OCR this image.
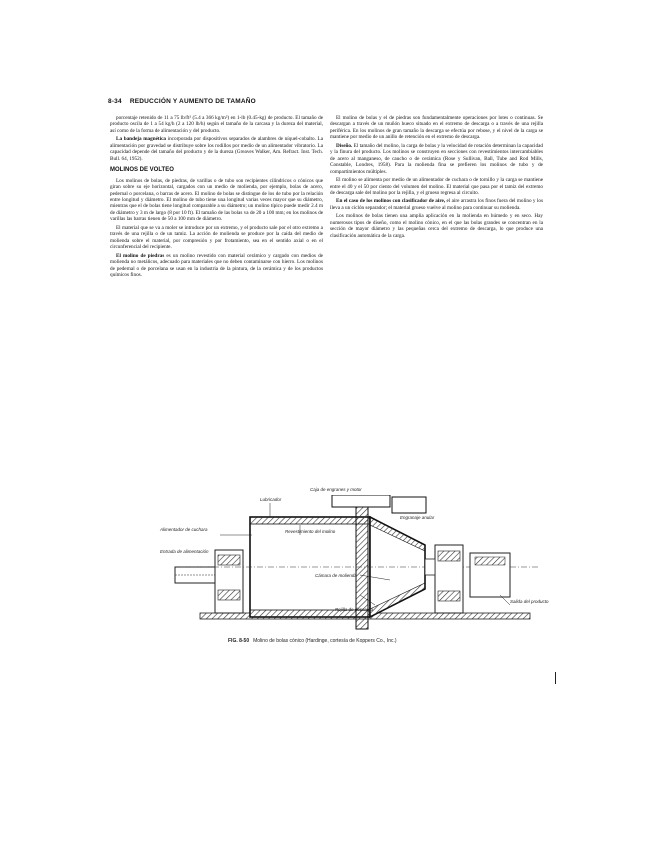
8-34 REDUCCIÓN Y AUMENTO DE TAMAÑO

porcentaje retenido de 11 a 75 lb/ft² (5.4 a 366 kg/m²) en 1-lb (0.45-kg) de producto. El tamaño de producto oscila de 1 a 54 kg/h (2 a 120 lb/h) según el tamaño de la carcasa y la dureza del material, así como de la forma de alimentación y del producto.

La bandeja magnética incorporada por dispositivos separados de alambres de níquel-cobalto. La alimentación por gravedad se distribuye sobre los rodillos por medio de un alimentador vibratorio. La capacidad depende del tamaño del producto y de la dureza (Greaves Walker, Am. Refract. Inst. Tech. Bull. 64, 1952).

MOLINOS DE VOLTEO

Los molinos de bolas, de piedras, de varillas o de tubo son recipientes cilíndricos o cónicos que giran sobre su eje horizontal, cargados con un medio de molienda, por ejemplo, bolas de acero, pedernal o porcelana, o barras de acero. El molino de bolas se distingue de los de tubo por la relación entre longitud y diámetro. El molino de tubo tiene una longitud varias veces mayor que su diámetro, mientras que el de bolas tiene longitud comparable a su diámetro; un molino típico puede medir 2.4 m de diámetro y 3 m de largo (8 por 10 ft). El tamaño de las bolas va de 20 a 100 mm; en los molinos de varillas las barras tienen de 50 a 100 mm de diámetro.

El material que se va a moler se introduce por un extremo, y el producto sale por el otro extremo a través de una rejilla o de un tamiz. La acción de molienda se produce por la caída del medio de molienda sobre el material, por compresión y por frotamiento, sea en el sentido axial o en el circunferencial del recipiente.

El molino de piedras es un molino revestido con material cerámico y cargado con medios de molienda no metálicos, adecuado para materiales que no deben contaminarse con hierro. Los molinos de pedernal o de porcelana se usan en la industria de la pintura, de la cerámica y de los productos químicos finos.

El molino de bolas y el de piedras son fundamentalmente operaciones por lotes o continuas. Se descargan a través de un muñón hueco situado en el extremo de descarga o a través de una rejilla periférica. En los molinos de gran tamaño la descarga se efectúa por rebose, y el nivel de la carga se mantiene por medio de un anillo de retención en el extremo de descarga.

Diseño. El tamaño del molino, la carga de bolas y la velocidad de rotación determinan la capacidad y la finura del producto. Los molinos se construyen en secciones con revestimientos intercambiables de acero al manganeso, de caucho o de cerámica (Rose y Sullivan, Ball, Tube and Rod Mills, Constable, Londres, 1958). Para la molienda fina se prefieren los molinos de tubo y de compartimientos múltiples.

El molino se alimenta por medio de un alimentador de cuchara o de tornillo y la carga se mantiene entre el 40 y el 50 por ciento del volumen del molino. El material que pasa por el tamiz del extremo de descarga sale del molino por la rejilla, y el grueso regresa al circuito.

En el caso de los molinos con clasificador de aire, el aire arrastra los finos fuera del molino y los lleva a un ciclón separador; el material grueso vuelve al molino para continuar su molienda.

Los molinos de bolas tienen una amplia aplicación en la molienda en húmedo y en seco. Hay numerosos tipos de diseño, como el molino cónico, en el que las bolas grandes se concentran en la sección de mayor diámetro y las pequeñas cerca del extremo de descarga, lo que produce una clasificación automática de la carga.

Lubricador
Caja de engranes y motor
Engranaje anular
Alimentador de cuchara
Entrada de alimentación
Revestimiento del molino
Cámara de molienda
Rejilla de descarga
Salida del producto
FIG. 8-50 Molino de bolas cónico (Hardinge, cortesía de Koppers Co., Inc.)
